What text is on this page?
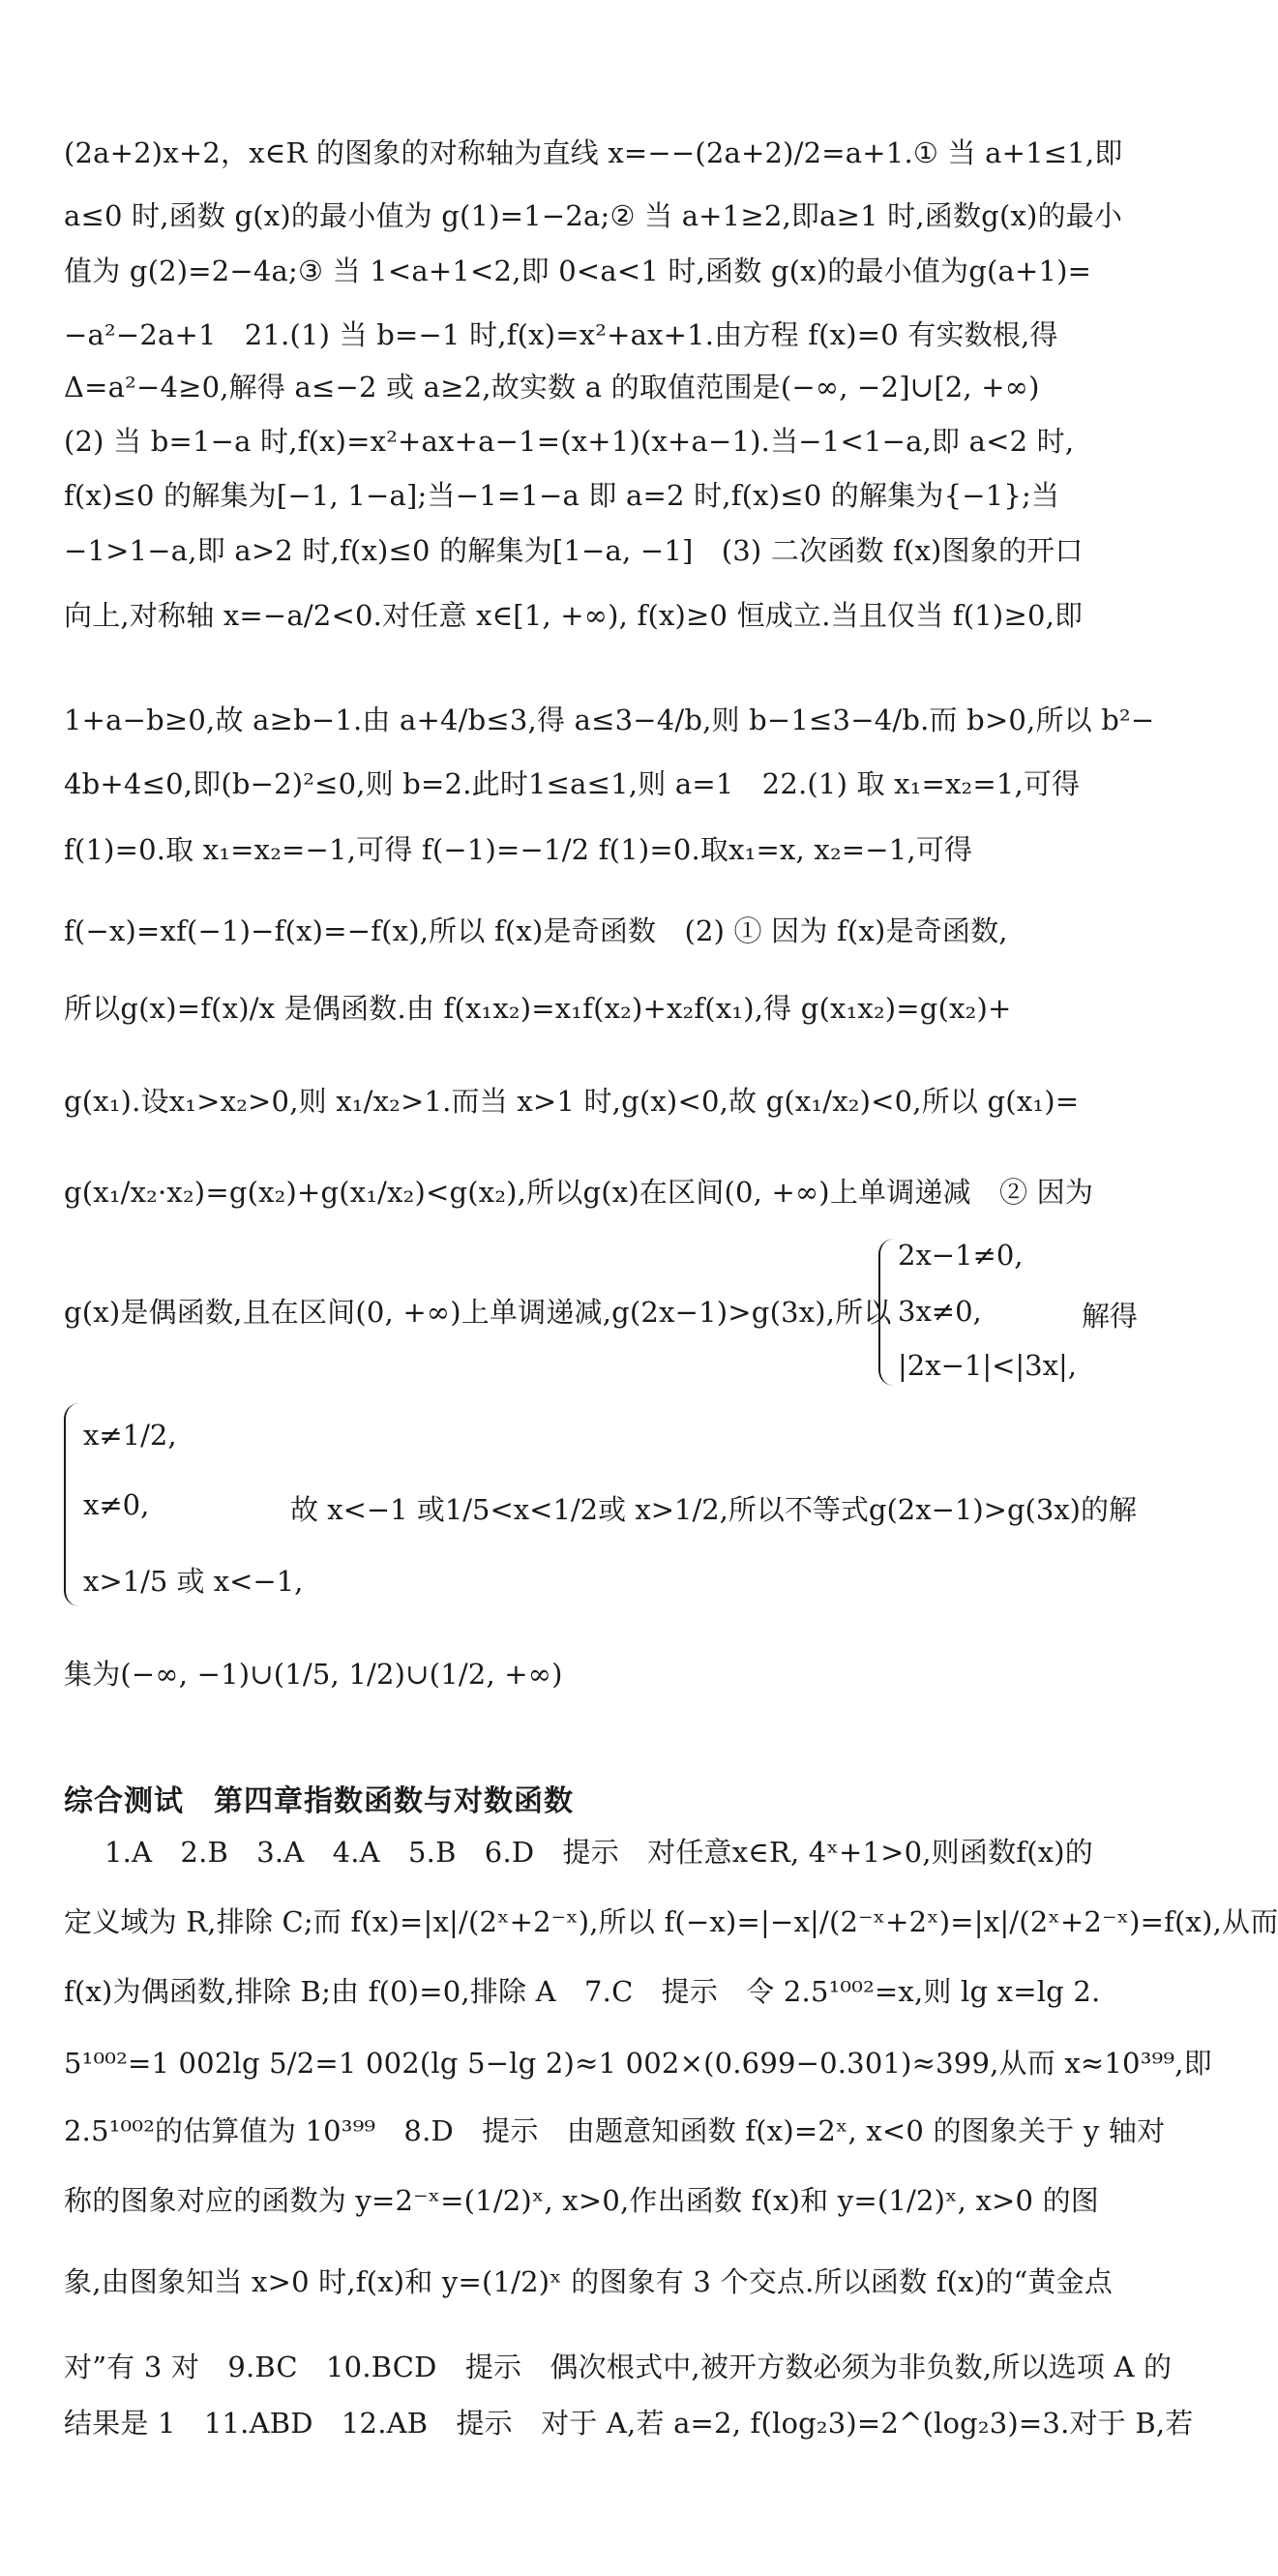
(2a+2)x+2，x∈R 的图象的对称轴为直线 x=−−(2a+2)/2=a+1.① 当 a+1≤1,即
a≤0 时,函数 g(x)的最小值为 g(1)=1−2a;② 当 a+1≥2,即a≥1 时,函数g(x)的最小
值为 g(2)=2−4a;③ 当 1<a+1<2,即 0<a<1 时,函数 g(x)的最小值为g(a+1)=
−a²−2a+1　21.(1) 当 b=−1 时,f(x)=x²+ax+1.由方程 f(x)=0 有实数根,得
Δ=a²−4≥0,解得 a≤−2 或 a≥2,故实数 a 的取值范围是(−∞, −2]∪[2, +∞)
(2) 当 b=1−a 时,f(x)=x²+ax+a−1=(x+1)(x+a−1).当−1<1−a,即 a<2 时,
f(x)≤0 的解集为[−1, 1−a];当−1=1−a 即 a=2 时,f(x)≤0 的解集为{−1};当
−1>1−a,即 a>2 时,f(x)≤0 的解集为[1−a, −1]　(3) 二次函数 f(x)图象的开口
向上,对称轴 x=−a/2<0.对任意 x∈[1, +∞), f(x)≥0 恒成立.当且仅当 f(1)≥0,即
1+a−b≥0,故 a≥b−1.由 a+4/b≤3,得 a≤3−4/b,则 b−1≤3−4/b.而 b>0,所以 b²−
4b+4≤0,即(b−2)²≤0,则 b=2.此时1≤a≤1,则 a=1　22.(1) 取 x₁=x₂=1,可得
f(1)=0.取 x₁=x₂=−1,可得 f(−1)=−1/2 f(1)=0.取x₁=x, x₂=−1,可得
f(−x)=xf(−1)−f(x)=−f(x),所以 f(x)是奇函数　(2) ① 因为 f(x)是奇函数,
所以g(x)=f(x)/x 是偶函数.由 f(x₁x₂)=x₁f(x₂)+x₂f(x₁),得 g(x₁x₂)=g(x₂)+
g(x₁).设x₁>x₂>0,则 x₁/x₂>1.而当 x>1 时,g(x)<0,故 g(x₁/x₂)<0,所以 g(x₁)=
g(x₁/x₂·x₂)=g(x₂)+g(x₁/x₂)<g(x₂),所以g(x)在区间(0, +∞)上单调递减　② 因为
g(x)是偶函数,且在区间(0, +∞)上单调递减,g(2x−1)>g(3x),所以
2x−1≠0,
3x≠0,
|2x−1|<|3x|,
解得
x≠1/2,
x≠0,
x>1/5 或 x<−1,
故 x<−1 或1/5<x<1/2或 x>1/2,所以不等式g(2x−1)>g(3x)的解
集为(−∞, −1)∪(1/5, 1/2)∪(1/2, +∞)
综合测试　第四章指数函数与对数函数
1.A　2.B　3.A　4.A　5.B　6.D　提示　对任意x∈R, 4ˣ+1>0,则函数f(x)的
定义域为 R,排除 C;而 f(x)=|x|/(2ˣ+2⁻ˣ),所以 f(−x)=|−x|/(2⁻ˣ+2ˣ)=|x|/(2ˣ+2⁻ˣ)=f(x),从而
f(x)为偶函数,排除 B;由 f(0)=0,排除 A　7.C　提示　令 2.5¹⁰⁰²=x,则 lg x=lg 2.
5¹⁰⁰²=1 002lg 5/2=1 002(lg 5−lg 2)≈1 002×(0.699−0.301)≈399,从而 x≈10³⁹⁹,即
2.5¹⁰⁰²的估算值为 10³⁹⁹　8.D　提示　由题意知函数 f(x)=2ˣ, x<0 的图象关于 y 轴对
称的图象对应的函数为 y=2⁻ˣ=(1/2)ˣ, x>0,作出函数 f(x)和 y=(1/2)ˣ, x>0 的图
象,由图象知当 x>0 时,f(x)和 y=(1/2)ˣ 的图象有 3 个交点.所以函数 f(x)的“黄金点
对”有 3 对　9.BC　10.BCD　提示　偶次根式中,被开方数必须为非负数,所以选项 A 的
结果是 1　11.ABD　12.AB　提示　对于 A,若 a=2, f(log₂3)=2^(log₂3)=3.对于 B,若
